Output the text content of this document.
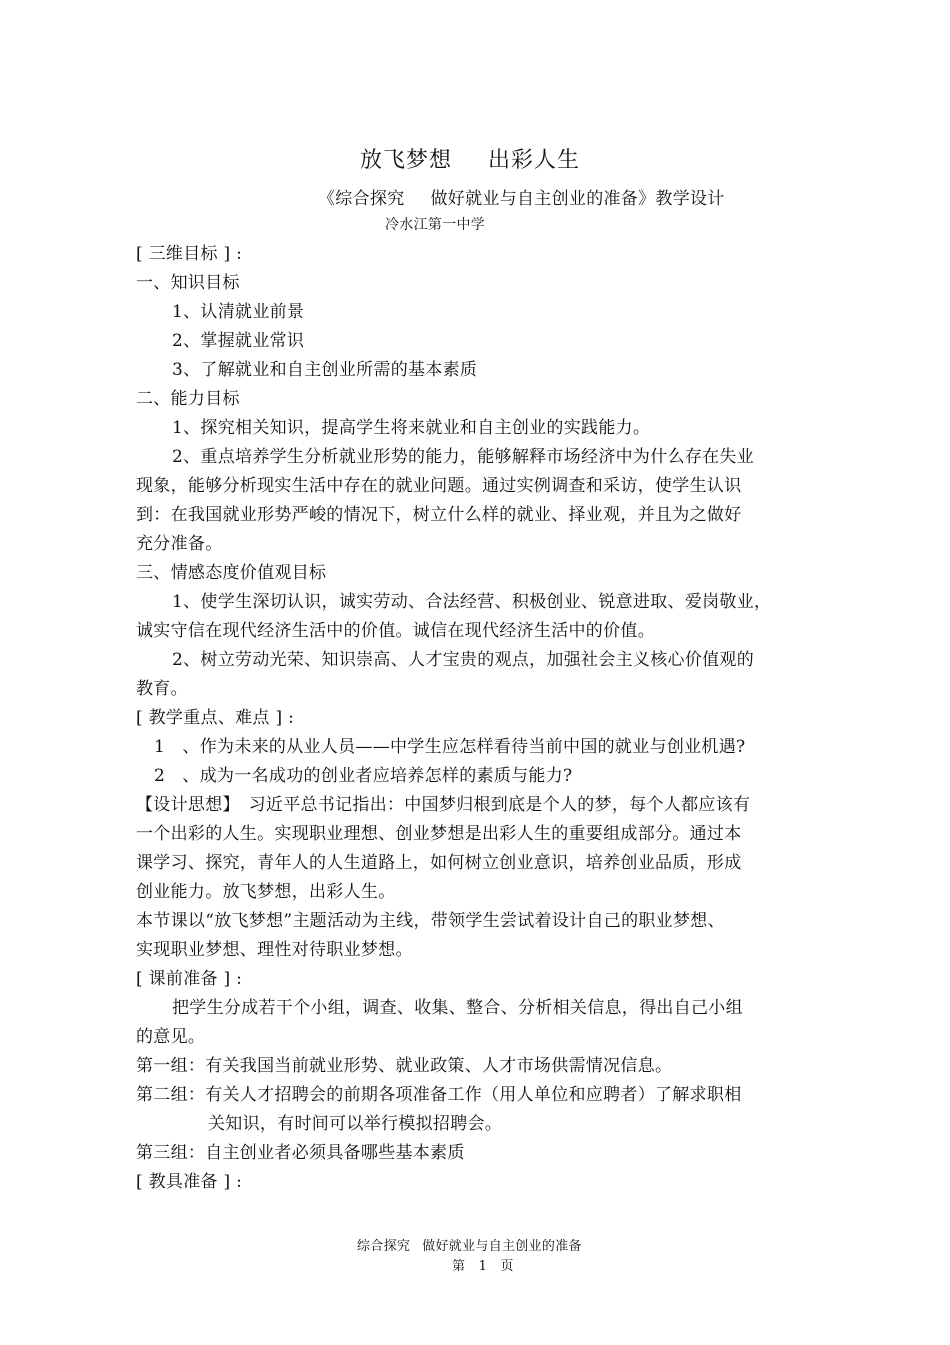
放飞梦想 出彩人生
《综合探究 做好就业与自主创业的准备》教学设计
冷水江第一中学
[ 三维目标 ] :
一、知识目标
1、认清就业前景
2、掌握就业常识
3、了解就业和自主创业所需的基本素质
二、能力目标
1、探究相关知识，提高学生将来就业和自主创业的实践能力。
2、重点培养学生分析就业形势的能力，能够解释市场经济中为什么存在失业
现象，能够分析现实生活中存在的就业问题。通过实例调查和采访，使学生认识
到：在我国就业形势严峻的情况下，树立什么样的就业、择业观，并且为之做好
充分准备。
三、情感态度价值观目标
1、使学生深切认识，诚实劳动、合法经营、积极创业、锐意进取、爱岗敬业，
诚实守信在现代经济生活中的价值。诚信在现代经济生活中的价值。
2、树立劳动光荣、知识崇高、人才宝贵的观点，加强社会主义核心价值观的
教育。
[ 教学重点、难点 ] :
1　、作为未来的从业人员——中学生应怎样看待当前中国的就业与创业机遇?
2　、成为一名成功的创业者应培养怎样的素质与能力?
【设计思想】　习近平总书记指出：中国梦归根到底是个人的梦，每个人都应该有
一个出彩的人生。实现职业理想、创业梦想是出彩人生的重要组成部分。通过本
课学习、探究，青年人的人生道路上，如何树立创业意识，培养创业品质，形成
创业能力。放飞梦想，出彩人生。
本节课以“放飞梦想”主题活动为主线，带领学生尝试着设计自己的职业梦想、
实现职业梦想、理性对待职业梦想。
[ 课前准备 ] :
把学生分成若干个小组，调查、收集、整合、分析相关信息，得出自己小组
的意见。
第一组：有关我国当前就业形势、就业政策、人才市场供需情况信息。
第二组：有关人才招聘会的前期各项准备工作（用人单位和应聘者）了解求职相
关知识，有时间可以举行模拟招聘会。
第三组：自主创业者必须具备哪些基本素质
[ 教具准备 ] :
综合探究 做好就业与自主创业的准备
第　1　页
